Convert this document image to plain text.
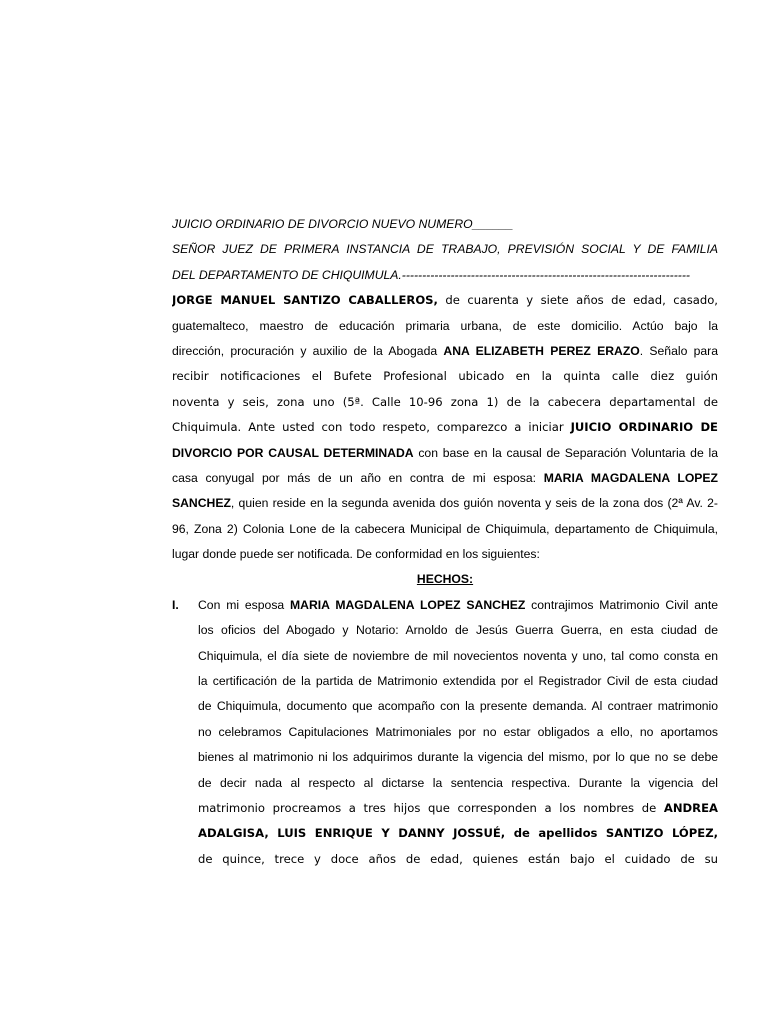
JUICIO ORDINARIO DE DIVORCIO NUEVO NUMERO______
SEÑOR JUEZ DE PRIMERA INSTANCIA DE TRABAJO, PREVISIÓN SOCIAL Y DE FAMILIA
DEL DEPARTAMENTO DE CHIQUIMULA.-----------------------------------------------------------------------
JORGE MANUEL SANTIZO CABALLEROS, de cuarenta y siete años de edad, casado,
guatemalteco, maestro de educación primaria urbana, de este domicilio. Actúo bajo la
dirección, procuración y auxilio de la Abogada ANA ELIZABETH PEREZ ERAZO. Señalo para
recibir notificaciones el Bufete Profesional ubicado en la quinta calle diez guión
noventa y seis, zona uno (5ª. Calle 10-96 zona 1) de la cabecera departamental de
Chiquimula. Ante usted con todo respeto, comparezco a iniciar JUICIO ORDINARIO DE
DIVORCIO POR CAUSAL DETERMINADA con base en la causal de Separación Voluntaria de la
casa conyugal por más de un año en contra de mi esposa: MARIA MAGDALENA LOPEZ
SANCHEZ, quien reside en la segunda avenida dos guión noventa y seis de la zona dos (2ª Av. 2-
96, Zona 2) Colonia Lone de la cabecera Municipal de Chiquimula, departamento de Chiquimula,
lugar donde puede ser notificada. De conformidad en los siguientes:
HECHOS:
I. Con mi esposa MARIA MAGDALENA LOPEZ SANCHEZ contrajimos Matrimonio Civil ante
los oficios del Abogado y Notario: Arnoldo de Jesús Guerra Guerra, en esta ciudad de
Chiquimula, el día siete de noviembre de mil novecientos noventa y uno, tal como consta en
la certificación de la partida de Matrimonio extendida por el Registrador Civil de esta ciudad
de Chiquimula, documento que acompaño con la presente demanda. Al contraer matrimonio
no celebramos Capitulaciones Matrimoniales por no estar obligados a ello, no aportamos
bienes al matrimonio ni los adquirimos durante la vigencia del mismo, por lo que no se debe
de decir nada al respecto al dictarse la sentencia respectiva. Durante la vigencia del
matrimonio procreamos a tres hijos que corresponden a los nombres de ANDREA
ADALGISA, LUIS ENRIQUE Y DANNY JOSSUÉ, de apellidos SANTIZO LÓPEZ,
de quince, trece y doce años de edad, quienes están bajo el cuidado de su
